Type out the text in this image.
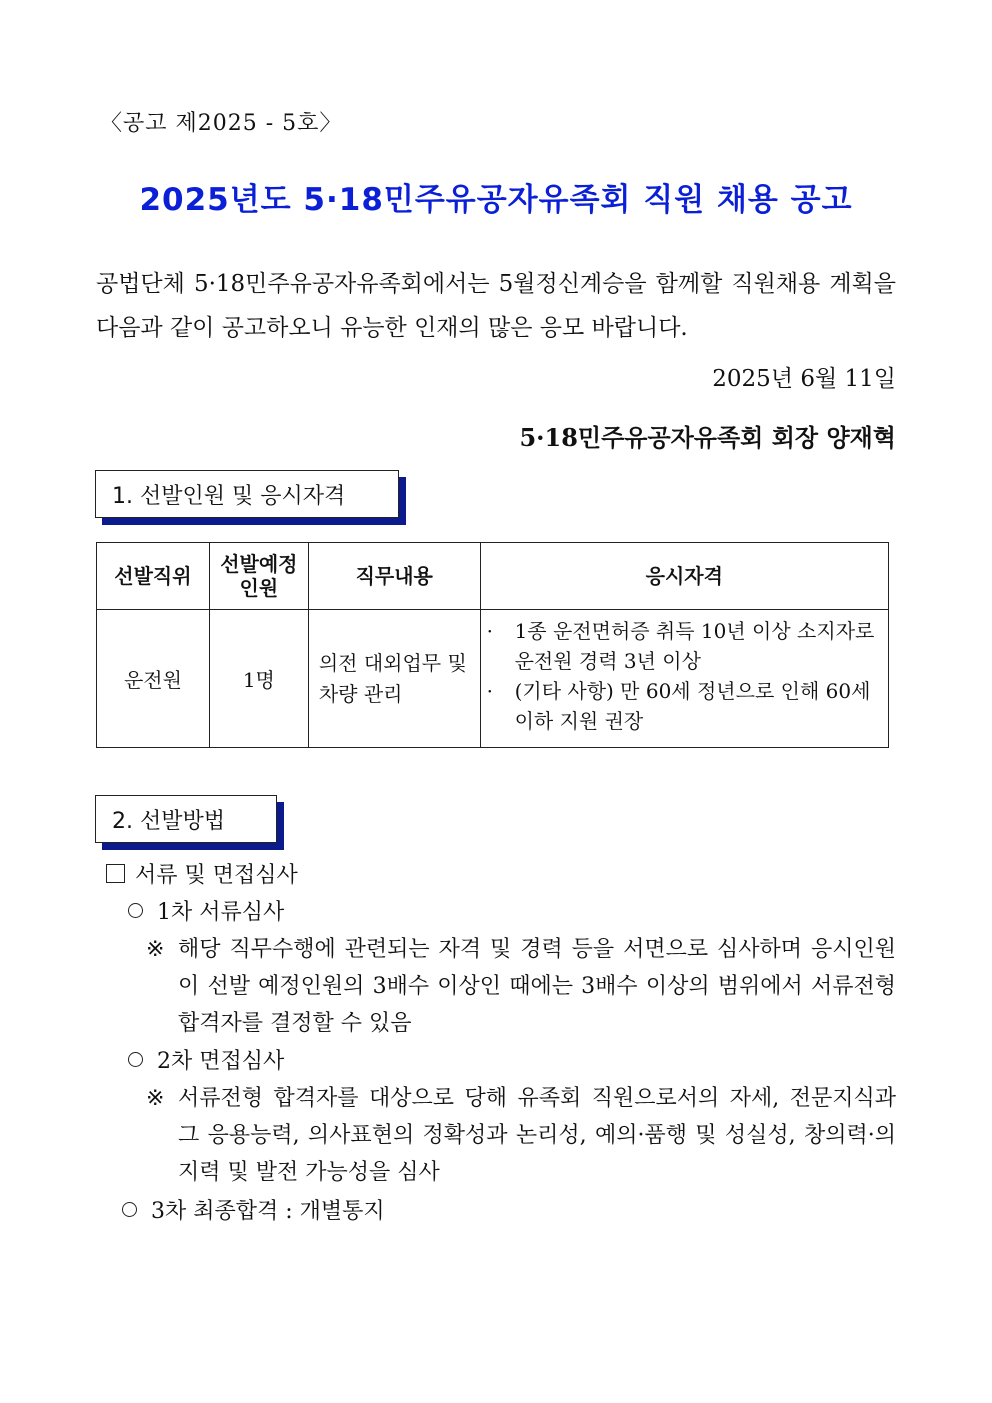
〈공고 제2025 - 5호〉
2025년도 5·18민주유공자유족회 직원 채용 공고
공법단체 5·18민주유공자유족회에서는 5월정신계승을 함께할 직원채용 계획을 다음과 같이 공고하오니 유능한 인재의 많은 응모 바랍니다.
2025년 6월 11일
5·18민주유공자유족회 회장 양재혁
1. 선발인원 및 응시자격
선발직위	선발예정 인원	직무내용	응시자격
운전원	1명	의전 대외업무 및 차량 관리	· 1종 운전면허증 취득 10년 이상 소지자로 운전원 경력 3년 이상
· (기타 사항) 만 60세 정년으로 인해 60세 이하 지원 권장
2. 선발방법
서류 및 면접심사
1차 서류심사
※ 해당 직무수행에 관련되는 자격 및 경력 등을 서면으로 심사하며 응시인원이 선발 예정인원의 3배수 이상인 때에는 3배수 이상의 범위에서 서류전형 합격자를 결정할 수 있음
2차 면접심사
※ 서류전형 합격자를 대상으로 당해 유족회 직원으로서의 자세, 전문지식과 그 응용능력, 의사표현의 정확성과 논리성, 예의·품행 및 성실성, 창의력·의지력 및 발전 가능성을 심사
3차 최종합격 : 개별통지
